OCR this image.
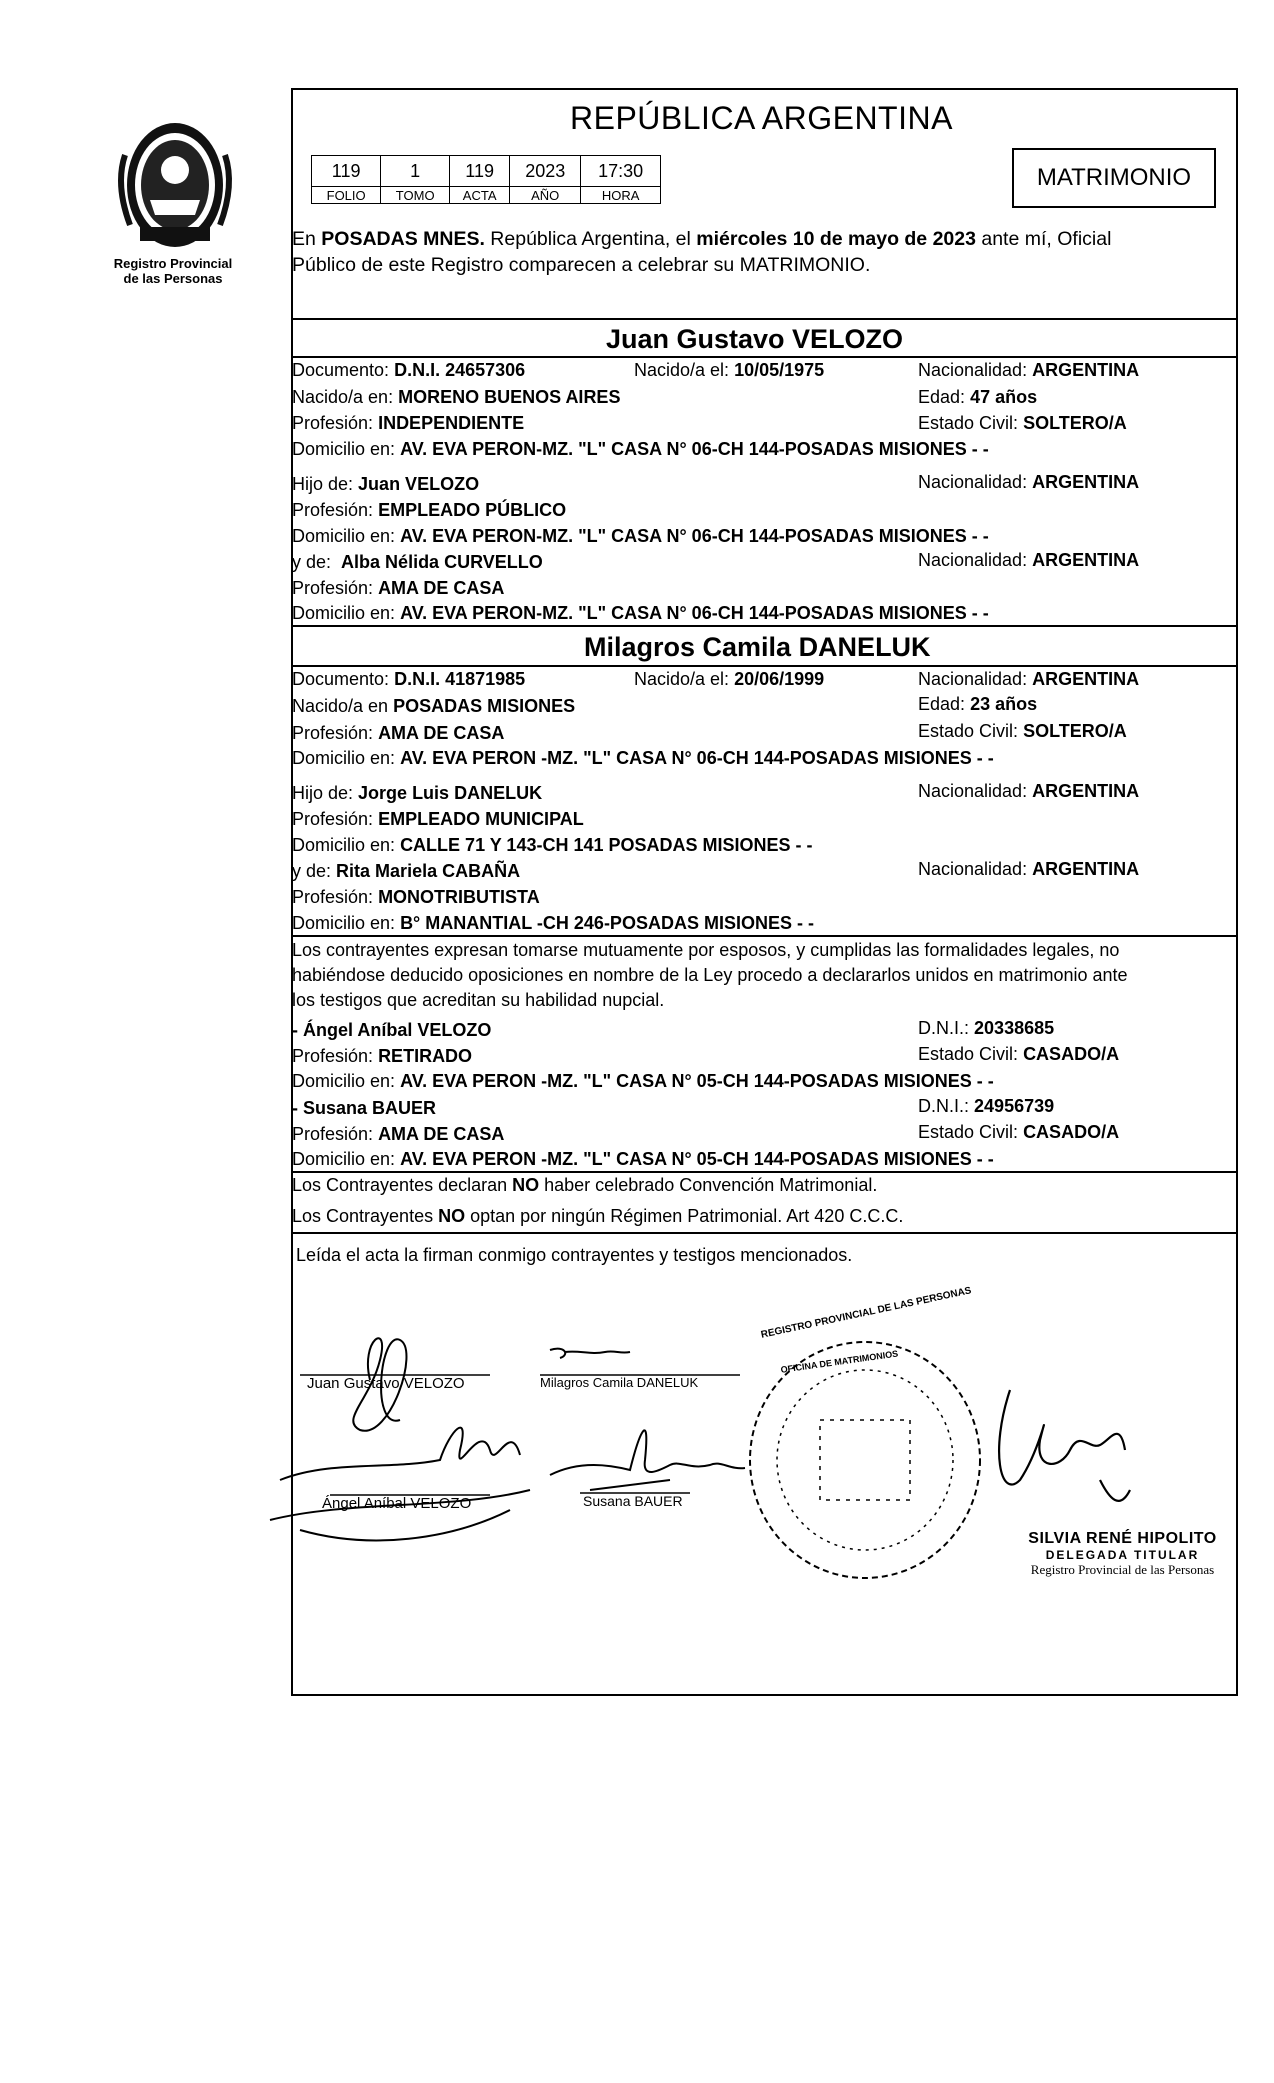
Registro Provincial
de las Personas
REPÚBLICA ARGENTINA
119	1	119	2023	17:30
FOLIO	TOMO	ACTA	AÑO	HORA
MATRIMONIO
En POSADAS MNES. República Argentina, el miércoles 10 de mayo de 2023 ante mí, Oficial
Público de este Registro comparecen a celebrar su MATRIMONIO.
Juan Gustavo VELOZO
Documento: D.N.I. 24657306	Nacido/a el: 10/05/1975	Nacionalidad: ARGENTINA
Nacido/a en: MORENO BUENOS AIRES	Edad: 47 años
Profesión: INDEPENDIENTE	Estado Civil: SOLTERO/A
Domicilio en: AV. EVA PERON-MZ. "L" CASA N° 06-CH 144-POSADAS MISIONES - -
Hijo de: Juan VELOZO	Nacionalidad: ARGENTINA
Profesión: EMPLEADO PÚBLICO
Domicilio en: AV. EVA PERON-MZ. "L" CASA N° 06-CH 144-POSADAS MISIONES - -
y de: Alba Nélida CURVELLO	Nacionalidad: ARGENTINA
Profesión: AMA DE CASA
Domicilio en: AV. EVA PERON-MZ. "L" CASA N° 06-CH 144-POSADAS MISIONES - -
Milagros Camila DANELUK
Documento: D.N.I. 41871985	Nacido/a el: 20/06/1999	Nacionalidad: ARGENTINA
Nacido/a en POSADAS MISIONES	Edad: 23 años
Profesión: AMA DE CASA	Estado Civil: SOLTERO/A
Domicilio en: AV. EVA PERON -MZ. "L" CASA N° 06-CH 144-POSADAS MISIONES - -
Hijo de: Jorge Luis DANELUK	Nacionalidad: ARGENTINA
Profesión: EMPLEADO MUNICIPAL
Domicilio en: CALLE 71 Y 143-CH 141 POSADAS MISIONES - -
y de: Rita Mariela CABAÑA	Nacionalidad: ARGENTINA
Profesión: MONOTRIBUTISTA
Domicilio en: B° MANANTIAL -CH 246-POSADAS MISIONES - -
Los contrayentes expresan tomarse mutuamente por esposos, y cumplidas las formalidades legales, no
habiéndose deducido oposiciones en nombre de la Ley procedo a declararlos unidos en matrimonio ante
los testigos que acreditan su habilidad nupcial.
- Ángel Aníbal VELOZO	D.N.I.: 20338685
Profesión: RETIRADO	Estado Civil: CASADO/A
Domicilio en: AV. EVA PERON -MZ. "L" CASA N° 05-CH 144-POSADAS MISIONES - -
- Susana BAUER	D.N.I.: 24956739
Profesión: AMA DE CASA	Estado Civil: CASADO/A
Domicilio en: AV. EVA PERON -MZ. "L" CASA N° 05-CH 144-POSADAS MISIONES - -
Los Contrayentes declaran NO haber celebrado Convención Matrimonial.
Los Contrayentes NO optan por ningún Régimen Patrimonial. Art 420 C.C.C.
Leída el acta la firman conmigo contrayentes y testigos mencionados.
Juan Gustavo VELOZO	Milagros Camila DANELUK
Ángel Aníbal VELOZO	Susana BAUER
REGISTRO PROVINCIAL DE LAS PERSONAS
OFICINA DE MATRIMONIOS
SILVIA RENÉ HIPOLITO
DELEGADA TITULAR
Registro Provincial de las Personas
